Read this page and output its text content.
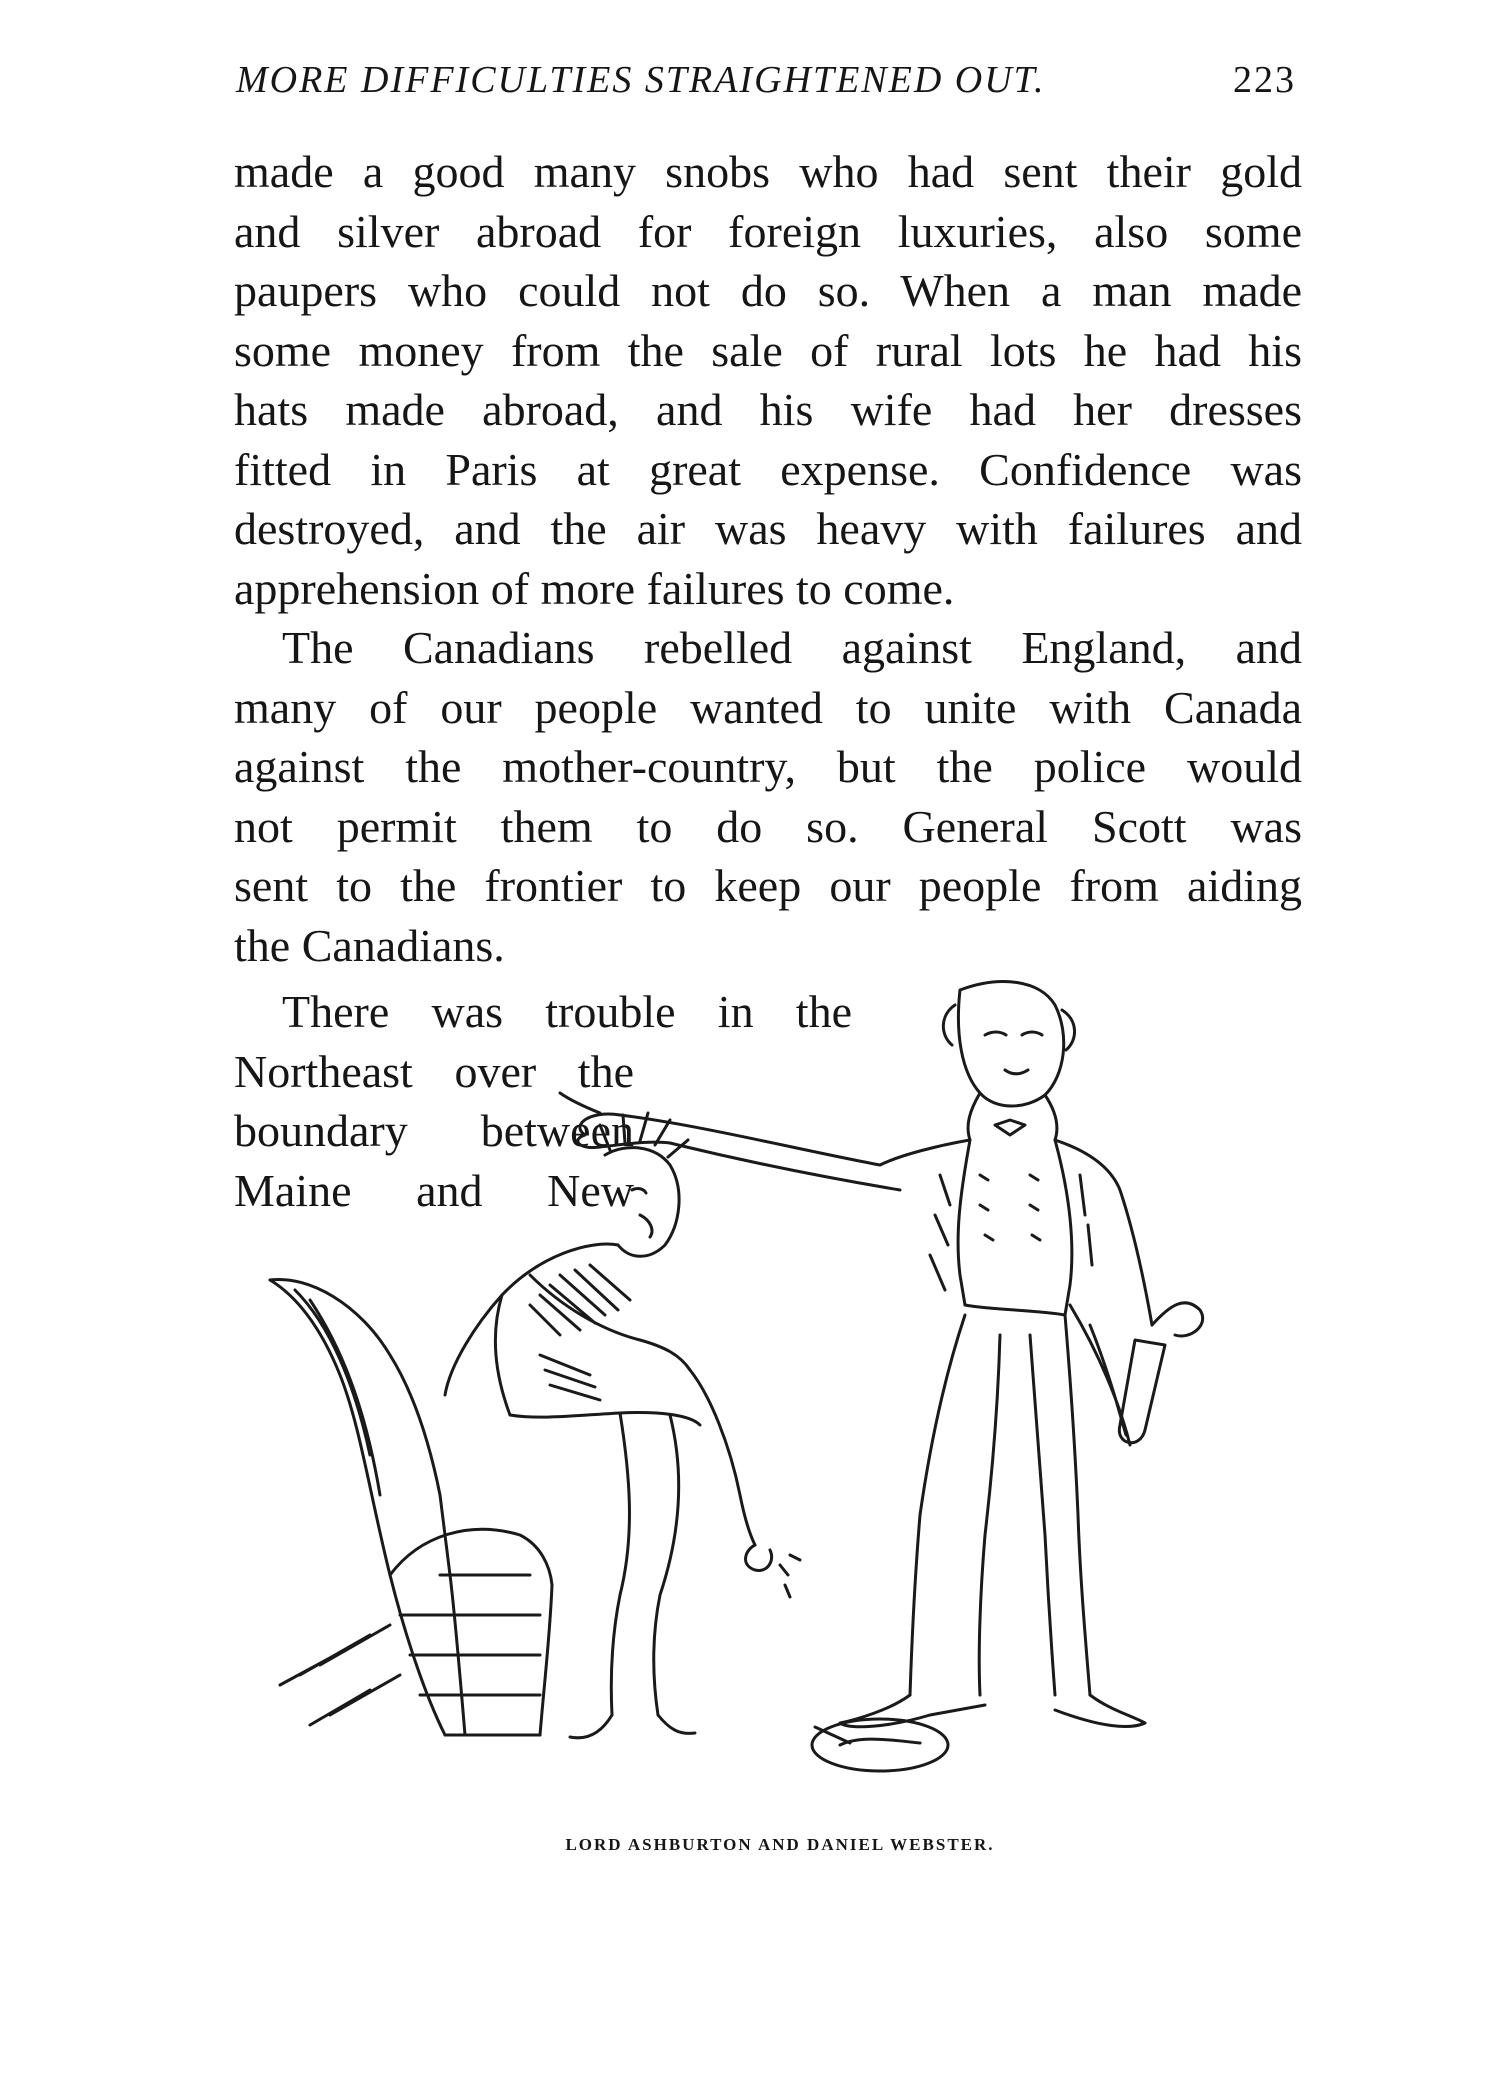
MORE DIFFICULTIES STRAIGHTENED OUT.	223

made a good many snobs who had sent their gold
and silver abroad for foreign luxuries, also some
paupers who could not do so. When a man made
some money from the sale of rural lots he had his
hats made abroad, and his wife had her dresses
fitted in Paris at great expense. Confidence was
destroyed, and the air was heavy with failures and
apprehension of more failures to come.

The Canadians rebelled against England, and
many of our people wanted to unite with Canada
against the mother-country, but the police would
not permit them to do so. General Scott was
sent to the frontier to keep our people from aiding
the Canadians.

There was trouble in the
Northeast over the
boundary between
Maine and New
LORD ASHBURTON AND DANIEL WEBSTER.
